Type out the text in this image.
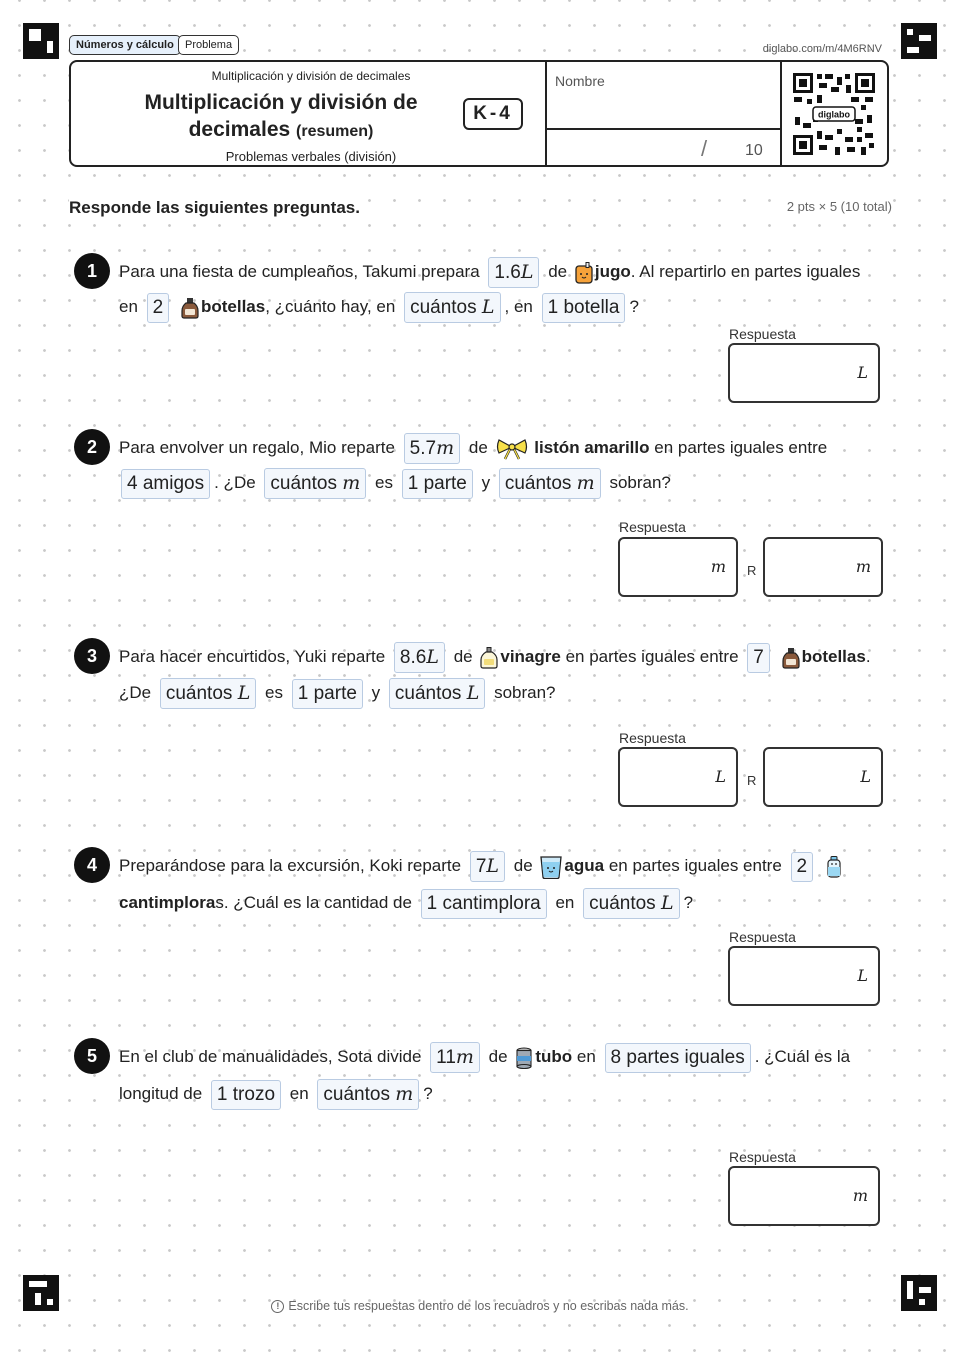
Números y cálculo	Problema	diglabo.com/m/4M6RNV
Multiplicación y división de decimales
Multiplicación y división de decimales (resumen)
Problemas verbales (división)
K-4
Nombre
/ 10
diglabo
Responde las siguientes preguntas.	2 pts × 5 (10 total)
1	Para una fiesta de cumpleaños, Takumi prepara 1.6L de jugo. Al repartirlo en partes iguales
en 2 botellas, ¿cuánto hay, en cuántos L , en 1 botella ?
Respuesta
L
2	Para envolver un regalo, Mio reparte 5.7m de	listón amarillo en partes iguales entre
4 amigos . ¿De cuántos m es 1 parte y cuántos m sobran?
Respuesta
m R	m
3	Para hacer encurtidos, Yuki reparte 8.6L de vinagre en partes iguales entre 7 botellas.
¿De cuántos L es 1 parte y cuántos L sobran?
Respuesta
L R	L
4	Preparándose para la excursión, Koki reparte 7L de agua en partes iguales entre 2
cantimploras. ¿Cuál es la cantidad de 1 cantimplora en cuántos L ?
Respuesta
L
5	En el club de manualidades, Sota divide 11m de tubo en 8 partes iguales . ¿Cuál es la
longitud de 1 trozo en cuántos m ?
Respuesta
m
! Escribe tus respuestas dentro de los recuadros y no escribas nada más.
